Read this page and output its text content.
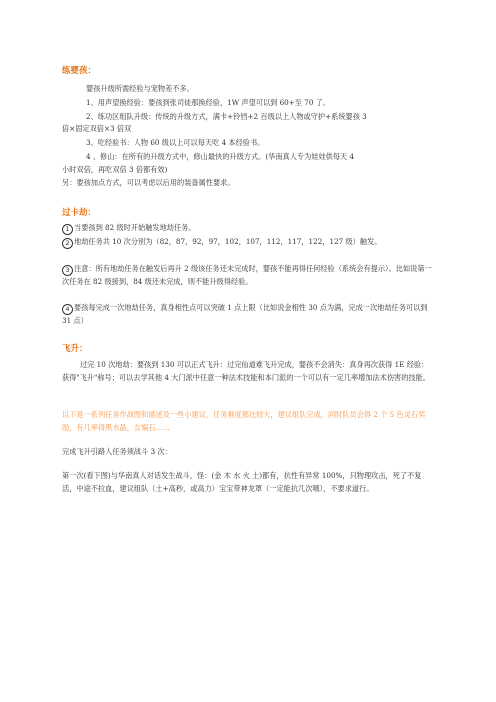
练婴孩：
婴孩升级所需经验与宠物差不多。
1、用声望换经验：要孩到张司徒那换经验，1W 声望可以到 60+至 70 了。
2、练功区组队升级：传统的升级方式，满卡+铃铛+2 百级以上人物或守护+系统婴孩 3
倍×固定双倍×3 倍双
3、吃经验书：人物 60 级以上可以每天吃 4 本经验书。
4 、修山：在所有的升级方式中，修山最快的升级方式。(华南真人专为娃娃供每天 4
小时双倍，再吃双倍 3 倍都有效)
另：要孩加点方式，可以考虑以后用的装备属性要求。
过卡劫：
1 当要孩到 82 级时开始触发地劫任务。
2 地劫任务共 10 次分别为（82，87，92，97，102，107，112，117，122，127 级）触发。
3 注意：所有地劫任务在触发后再升 2 级该任务还未完成时，婴孩不能再得任何经验（系统会有提示）。比如说第一次任务在 82 级接到，84 级还未完成，则不能升级得经验。
4 要孩每完成一次地劫任务，真身相性点可以突破 1 点上限（比如说金相性 30 点为满，完成一次地劫任务可以到 31 点）
飞升：
过完 10 次地劫：要孩到 130 可以正式飞升：过完仙道难飞升完成，婴孩不会消失：真身再次获得 1E 经验：获得"飞升"称号；可以去学其他 4 大门派中任意一种法术技能和本门派的一个可以有一定几率增加法术伤害的技能。
以下是一系列任务作战图和描述及一些小建议，任务难度都比较大，建议组队完成，同时队员会得 2 个 5 色灵石奖励，有几率得黑水晶，女娲石……
完成飞升引路人任务须战斗 3 次：
第一次(看下图)与华南真人对话发生战斗，怪：(金 木 水 火 土)都有，抗性有异常 100%，只物理攻击，死了不复活，中途不拉血，建议组队（土+高秒，或高力）宝宝带神龙罩（一定能抗几次哦），不要求道行。
